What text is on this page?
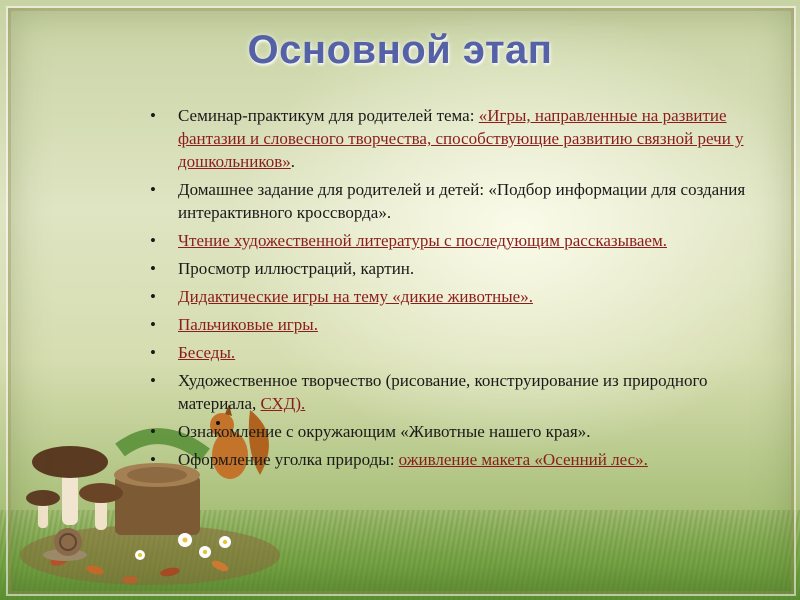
Основной этап
•	Семинар-практикум для родителей тема: «Игры, направленные на развитие фантазии и словесного творчества, способствующие развитию связной речи у дошкольников».
•	Домашнее задание для родителей и детей: «Подбор информации для создания интерактивного кроссворда».
•	Чтение художественной литературы с последующим рассказываем.
•	Просмотр иллюстраций, картин.
•	Дидактические игры на тему «дикие животные».
•	Пальчиковые игры.
•	Беседы.
•	Художественное творчество (рисование, конструирование из природного материала, СХД).
•	Ознакомление с окружающим «Животные нашего края».
•	Оформление уголка природы: оживление макета «Осенний лес».
